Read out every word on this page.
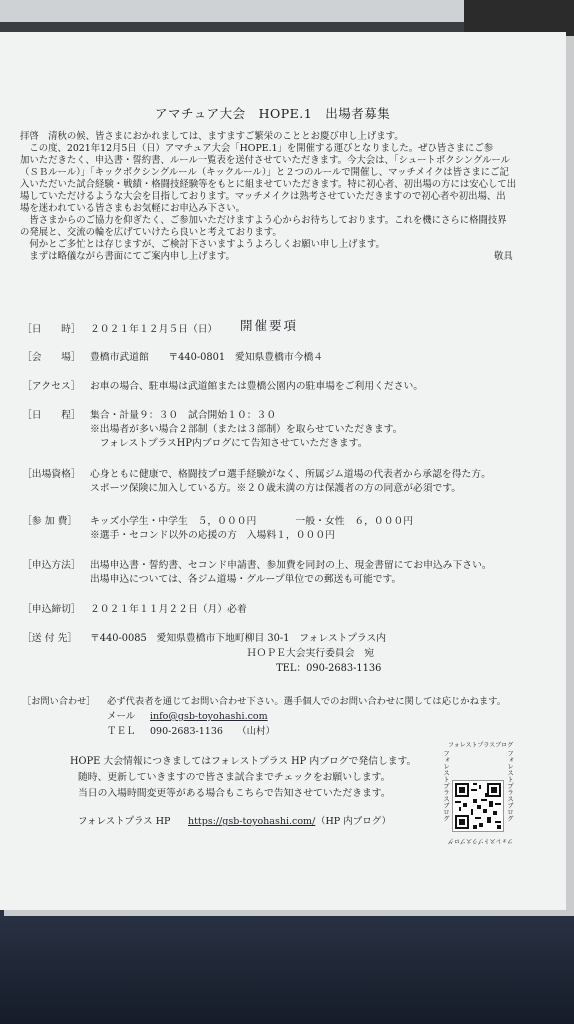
アマチュア大会　HOPE.1　出場者募集
拝啓　清秋の候、皆さまにおかれましては、ますますご繁栄のこととお慶び申し上げます。
　この度、2021年12月5日（日）アマチュア大会「HOPE.1」を開催する運びとなりました。ぜひ皆さまにご参
加いただきたく、申込書・誓約書、ルール一覧表を送付させていただきます。今大会は、「シュートボクシングルール
（ＳＢルール）」「キックボクシングルール（キックルール）」と２つのルールで開催し、マッチメイクは皆さまにご記
入いただいた試合経験・戦績・格闘技経験等をもとに組ませていただきます。特に初心者、初出場の方には安心して出
場していただけるような大会を目指しております。マッチメイクは熟考させていただきますので初心者や初出場、出
場を迷われている皆さまもお気軽にお申込み下さい。
　皆さまからのご協力を仰ぎたく、ご参加いただけますよう心からお待ちしております。これを機にさらに格闘技界
の発展と、交流の輪を広げていけたら良いと考えております。
　何かとご多忙とは存じますが、ご検討下さいますようよろしくお願い申し上げます。
　まずは略儀ながら書面にてご案内申し上げます。	敬具
開催要項
［日　　時］ ２０２１年１２月５日（日）
［会　　場］ 豊橋市武道館　　〒440-0801　愛知県豊橋市今橋４
［アクセス］ お車の場合、駐車場は武道館または豊橋公園内の駐車場をご利用ください。
［日　　程］ 集合・計量９：３０　試合開始１０：３０
※出場者が多い場合２部制（または３部制）を取らせていただきます。
　フォレストプラスHP内ブログにて告知させていただきます。
［出場資格］ 心身ともに健康で、格闘技プロ選手経験がなく、所属ジム道場の代表者から承認を得た方。
スポーツ保険に加入している方。※２０歳未満の方は保護者の方の同意が必須です。
［参 加 費］ キッズ小学生・中学生　５，０００円　　　　一般・女性　６，０００円
※選手・セコンド以外の応援の方　入場料１，０００円
［申込方法］ 出場申込書・誓約書、セコンド申請書、参加費を同封の上、現金書留にてお申込み下さい。
出場申込については、各ジム道場・グループ単位での郵送も可能です。
［申込締切］ ２０２１年１１月２２日（月）必着
［送 付 先］ 〒440-0085　愛知県豊橋市下地町柳目 30-1　フォレストプラス内
　　　　　　　　　　　　　　　　ＨＯＰＥ大会実行委員会　宛
　　　　　　　　　　　　　　　　　　　TEL：090-2683-1136
［お問い合わせ］ 必ず代表者を通じてお問い合わせ下さい。選手個人でのお問い合わせに関しては応じかねます。
メール info@gsb-toyohashi.com
ＴＥＬ 090-2683-1136　　（山村）
HOPE 大会情報につきましてはフォレストプラス HP 内ブログで発信します。
随時、更新していきますので皆さま試合までチェックをお願いします。
当日の入場時間変更等がある場合もこちらで告知させていただきます。
フォレストプラス HP https://gsb-toyohashi.com/ （HP 内ブログ）
フォレストプラスブログ
フォレストプラスブログ	フォレストプラスブログ
フォレストプラスブログ
